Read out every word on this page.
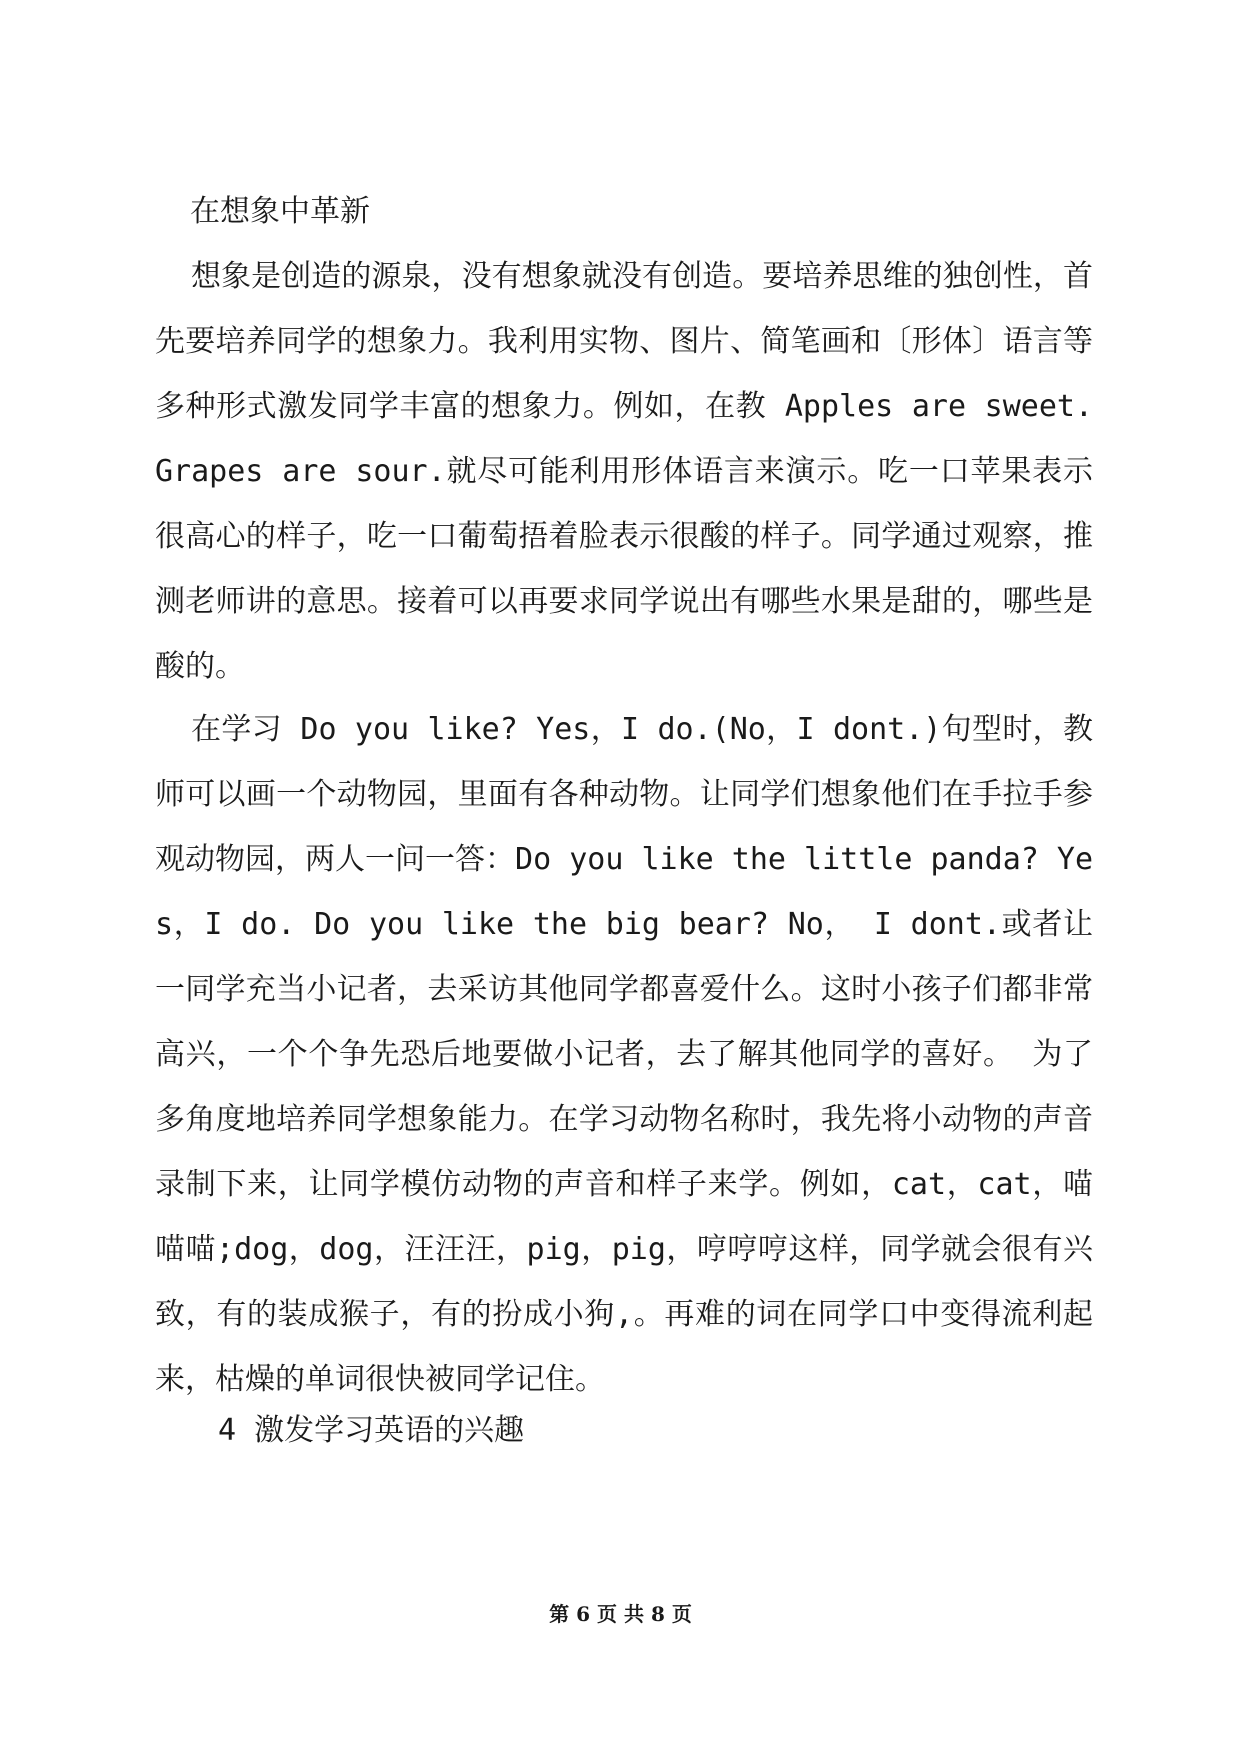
在想象中革新

想象是创造的源泉，没有想象就没有创造。要培养思维的独创性，首先要培养同学的想象力。我利用实物、图片、简笔画和〔形体〕语言等多种形式激发同学丰富的想象力。例如，在教 Apples are sweet. Grapes are sour.就尽可能利用形体语言来演示。吃一口苹果表示很高心的样子，吃一口葡萄捂着脸表示很酸的样子。同学通过观察，推测老师讲的意思。接着可以再要求同学说出有哪些水果是甜的，哪些是酸的。

在学习 Do you like? Yes，I do.(No，I dont.)句型时，教师可以画一个动物园，里面有各种动物。让同学们想象他们在手拉手参观动物园，两人一问一答：Do you like the little panda? Yes，I do. Do you like the big bear? No， I dont.或者让一同学充当小记者，去采访其他同学都喜爱什么。这时小孩子们都非常高兴，一个个争先恐后地要做小记者，去了解其他同学的喜好。 为了多角度地培养同学想象能力。在学习动物名称时，我先将小动物的声音录制下来，让同学模仿动物的声音和样子来学。例如，cat，cat，喵喵喵;dog，dog，汪汪汪，pig，pig，哼哼哼这样，同学就会很有兴致，有的装成猴子，有的扮成小狗,。再难的词在同学口中变得流利起来，枯燥的单词很快被同学记住。

4 激发学习英语的兴趣
第 6 页 共 8 页
